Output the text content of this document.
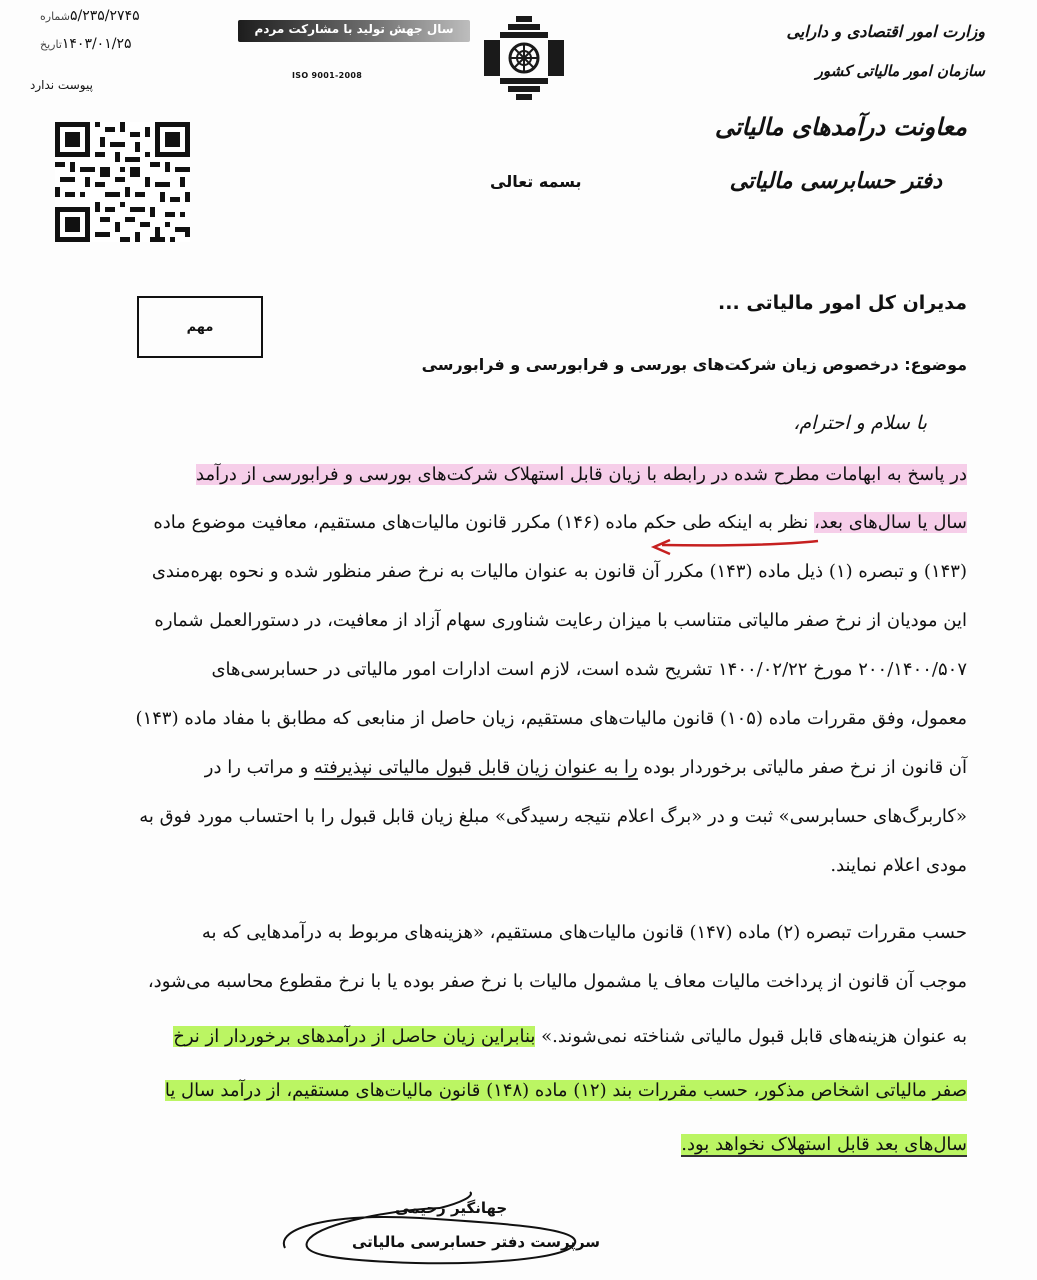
وزارت امور اقتصادی و دارایی
سازمان امور مالیاتی کشور
معاونت درآمدهای مالیاتی
دفتر حسابرسی مالیاتی
سال جهش تولید با مشارکت مردم
ISO 9001-2008
۵/۲۳۵/۲۷۴۵شماره
۱۴۰۳/۰۱/۲۵تاریخ
پیوست ندارد
بسمه تعالی
مدیران کل امور مالیاتی ...
مهم
موضوع: درخصوص زیان شرکت‌های بورسی و فرابورسی و فرابورسی
با سلام و احترام،
در پاسخ به ابهامات مطرح شده در رابطه با زیان قابل استهلاک شرکت‌های بورسی و فرابورسی از درآمد
سال یا سال‌های بعد، نظر به اینکه طی حکم ماده (۱۴۶) مکرر قانون مالیات‌های مستقیم، معافیت موضوع ماده
(۱۴۳) و تبصره (۱) ذیل ماده (۱۴۳) مکرر آن قانون به عنوان مالیات به نرخ صفر منظور شده و نحوه بهره‌مندی
این مودیان از نرخ صفر مالیاتی متناسب با میزان رعایت شناوری سهام آزاد از معافیت، در دستورالعمل شماره
۲۰۰/۱۴۰۰/۵۰۷ مورخ ۱۴۰۰/۰۲/۲۲ تشریح شده است، لازم است ادارات امور مالیاتی در حسابرسی‌های
معمول، وفق مقررات ماده (۱۰۵) قانون مالیات‌های مستقیم، زیان حاصل از منابعی که مطابق با مفاد ماده (۱۴۳)
آن قانون از نرخ صفر مالیاتی برخوردار بوده را به عنوان زیان قابل قبول مالیاتی نپذیرفته و مراتب را در
«کاربرگ‌های حسابرسی» ثبت و در «برگ اعلام نتیجه رسیدگی» مبلغ زیان قابل قبول را با احتساب مورد فوق به
مودی اعلام نمایند.
حسب مقررات تبصره (۲) ماده (۱۴۷) قانون مالیات‌های مستقیم، «هزینه‌های مربوط به درآمدهایی که به
موجب آن قانون از پرداخت مالیات معاف یا مشمول مالیات با نرخ صفر بوده یا با نرخ مقطوع محاسبه می‌شود،
به عنوان هزینه‌های قابل قبول مالیاتی شناخته نمی‌شوند.» بنابراین زیان حاصل از درآمدهای برخوردار از نرخ
صفر مالیاتی اشخاص مذکور، حسب مقررات بند (۱۲) ماده (۱۴۸) قانون مالیات‌های مستقیم، از درآمد سال یا
سال‌های بعد قابل استهلاک نخواهد بود.
جهانگیر رحیمی
سرپرست دفتر حسابرسی مالیاتی
